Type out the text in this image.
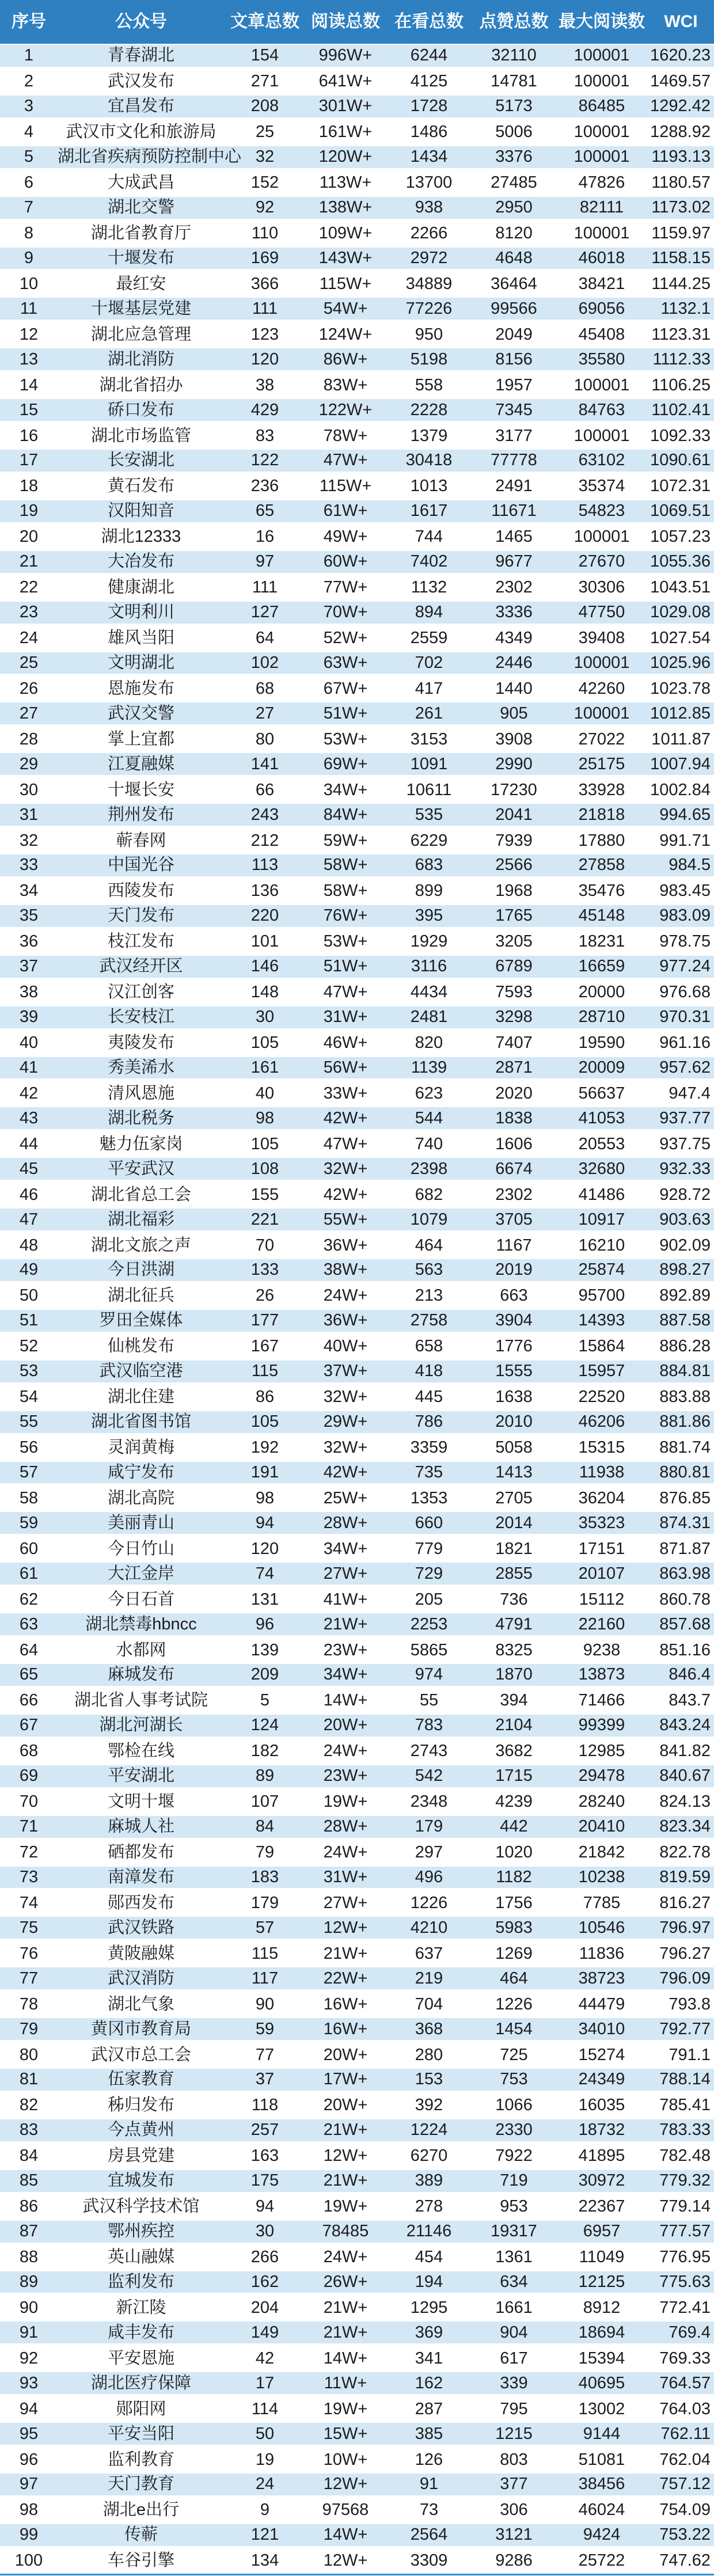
序号	公众号	文章总数 阅读总数 在看总数 点赞总数 最大阅读数	WCI
1	青春湖北	154	996W+	6244	32110	100001	1620.23
2	武汉发布	271	641W+	4125	14781	100001	1469.57
3	宜昌发布	208	301W+	1728	5173	86485	1292.42
4	武汉市文化和旅游局	25	161W+	1486	5006	100001	1288.92
5	湖北省疾病预防控制中心 32	120W+	1434	3376	100001	1193.13
6	大成武昌	152	113W+	13700	27485	47826	1180.57
7	湖北交警	92	138W+	938	2950	82111	1173.02
8	湖北省教育厅	110	109W+	2266	8120	100001	1159.97
9	十堰发布	169	143W+	2972	4648	46018	1158.15
10	最红安	366	115W+	34889	36464	38421	1144.25
11	十堰基层党建	111	54W+	77226	99566	69056	1132.1
12	湖北应急管理	123	124W+	950	2049	45408	1123.31
13	湖北消防	120	86W+	5198	8156	35580	1112.33
14	湖北省招办	38	83W+	558	1957	100001	1106.25
15	硚口发布	429	122W+	2228	7345	84763	1102.41
16	湖北市场监管	83	78W+	1379	3177	100001	1092.33
17	长安湖北	122	47W+	30418	77778	63102	1090.61
18	黄石发布	236	115W+	1013	2491	35374	1072.31
19	汉阳知音	65	61W+	1617	11671	54823	1069.51
20	湖北12333	16	49W+	744	1465	100001	1057.23
21	大冶发布	97	60W+	7402	9677	27670	1055.36
22	健康湖北	111	77W+	1132	2302	30306	1043.51
23	文明利川	127	70W+	894	3336	47750	1029.08
24	雄风当阳	64	52W+	2559	4349	39408	1027.54
25	文明湖北	102	63W+	702	2446	100001	1025.96
26	恩施发布	68	67W+	417	1440	42260	1023.78
27	武汉交警	27	51W+	261	905	100001	1012.85
28	掌上宜都	80	53W+	3153	3908	27022	1011.87
29	江夏融媒	141	69W+	1091	2990	25175	1007.94
30	十堰长安	66	34W+	10611	17230	33928	1002.84
31	荆州发布	243	84W+	535	2041	21818	994.65
32	蕲春网	212	59W+	6229	7939	17880	991.71
33	中国光谷	113	58W+	683	2566	27858	984.5
34	西陵发布	136	58W+	899	1968	35476	983.45
35	天门发布	220	76W+	395	1765	45148	983.09
36	枝江发布	101	53W+	1929	3205	18231	978.75
37	武汉经开区	146	51W+	3116	6789	16659	977.24
38	汉江创客	148	47W+	4434	7593	20000	976.68
39	长安枝江	30	31W+	2481	3298	28710	970.31
40	夷陵发布	105	46W+	820	7407	19590	961.16
41	秀美浠水	161	56W+	1139	2871	20009	957.62
42	清风恩施	40	33W+	623	2020	56637	947.4
43	湖北税务	98	42W+	544	1838	41053	937.77
44	魅力伍家岗	105	47W+	740	1606	20553	937.75
45	平安武汉	108	32W+	2398	6674	32680	932.33
46	湖北省总工会	155	42W+	682	2302	41486	928.72
47	湖北福彩	221	55W+	1079	3705	10917	903.63
48	湖北文旅之声	70	36W+	464	1167	16210	902.09
49	今日洪湖	133	38W+	563	2019	25874	898.27
50	湖北征兵	26	24W+	213	663	95700	892.89
51	罗田全媒体	177	36W+	2758	3904	14393	887.58
52	仙桃发布	167	40W+	658	1776	15864	886.28
53	武汉临空港	115	37W+	418	1555	15957	884.81
54	湖北住建	86	32W+	445	1638	22520	883.88
55	湖北省图书馆	105	29W+	786	2010	46206	881.86
56	灵润黄梅	192	32W+	3359	5058	15315	881.74
57	咸宁发布	191	42W+	735	1413	11938	880.81
58	湖北高院	98	25W+	1353	2705	36204	876.85
59	美丽青山	94	28W+	660	2014	35323	874.31
60	今日竹山	120	34W+	779	1821	17151	871.87
61	大江金岸	74	27W+	729	2855	20107	863.98
62	今日石首	131	41W+	205	736	15112	860.78
63	湖北禁毒hbncc	96	21W+	2253	4791	22160	857.68
64	水都网	139	23W+	5865	8325	9238	851.16
65	麻城发布	209	34W+	974	1870	13873	846.4
66	湖北省人事考试院	5	14W+	55	394	71466	843.7
67	湖北河湖长	124	20W+	783	2104	99399	843.24
68	鄂检在线	182	24W+	2743	3682	12985	841.82
69	平安湖北	89	23W+	542	1715	29478	840.67
70	文明十堰	107	19W+	2348	4239	28240	824.13
71	麻城人社	84	28W+	179	442	20410	823.34
72	硒都发布	79	24W+	297	1020	21842	822.78
73	南漳发布	183	31W+	496	1182	10238	819.59
74	郧西发布	179	27W+	1226	1756	7785	816.27
75	武汉铁路	57	12W+	4210	5983	10546	796.97
76	黄陂融媒	115	21W+	637	1269	11836	796.27
77	武汉消防	117	22W+	219	464	38723	796.09
78	湖北气象	90	16W+	704	1226	44479	793.8
79	黄冈市教育局	59	16W+	368	1454	34010	792.77
80	武汉市总工会	77	20W+	280	725	15274	791.1
81	伍家教育	37	17W+	153	753	24349	788.14
82	秭归发布	118	20W+	392	1066	16035	785.41
83	今点黄州	257	21W+	1224	2330	18732	783.33
84	房县党建	163	12W+	6270	7922	41895	782.48
85	宜城发布	175	21W+	389	719	30972	779.32
86	武汉科学技术馆	94	19W+	278	953	22367	779.14
87	鄂州疾控	30	78485	21146	19317	6957	777.57
88	英山融媒	266	24W+	454	1361	11049	776.95
89	监利发布	162	26W+	194	634	12125	775.63
90	新江陵	204	21W+	1295	1661	8912	772.41
91	咸丰发布	149	21W+	369	904	18694	769.4
92	平安恩施	42	14W+	341	617	15394	769.33
93	湖北医疗保障	17	11W+	162	339	40695	764.57
94	郧阳网	114	19W+	287	795	13002	764.03
95	平安当阳	50	15W+	385	1215	9144	762.11
96	监利教育	19	10W+	126	803	51081	762.04
97	天门教育	24	12W+	91	377	38456	757.12
98	湖北e出行	9	97568	73	306	46024	754.09
99	传蕲	121	14W+	2564	3121	9424	753.22
100	车谷引擎	134	12W+	3309	9286	25722	747.62
